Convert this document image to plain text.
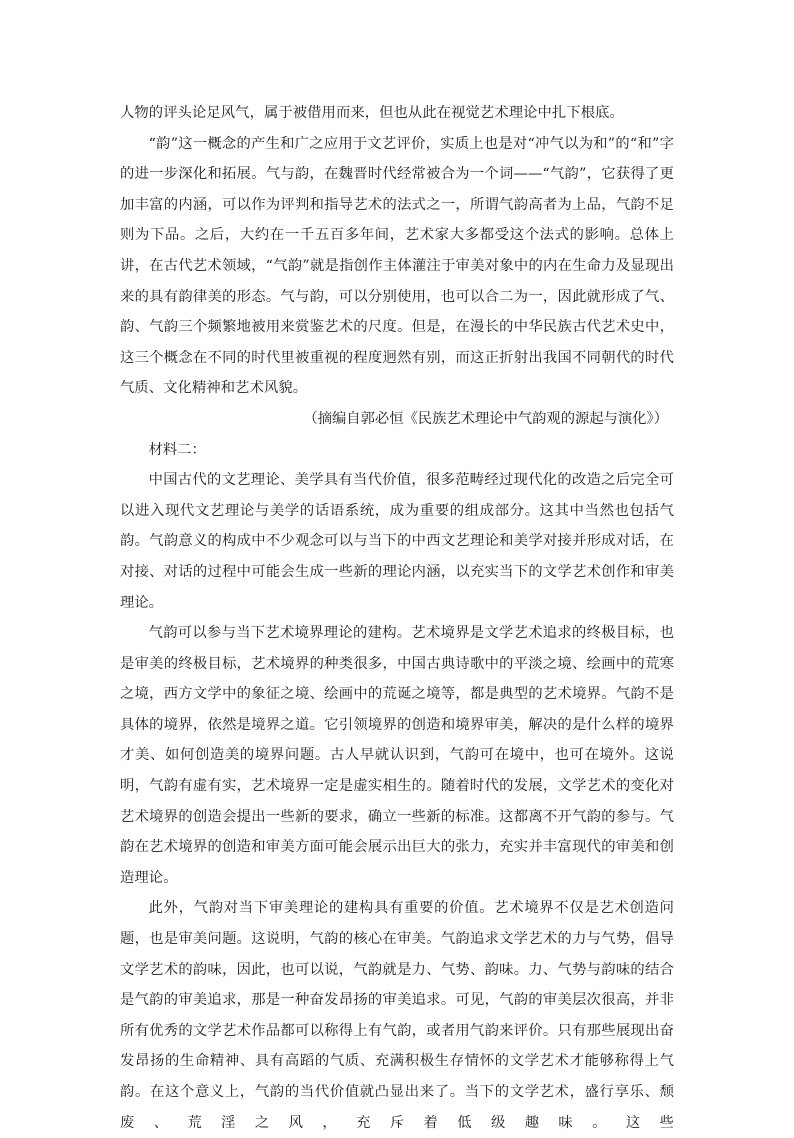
人物的评头论足风气，属于被借用而来，但也从此在视觉艺术理论中扎下根底。

“韵”这一概念的产生和广之应用于文艺评价，实质上也是对“冲气以为和”的“和”字的进一步深化和拓展。气与韵，在魏晋时代经常被合为一个词——“气韵”，它获得了更加丰富的内涵，可以作为评判和指导艺术的法式之一，所谓气韵高者为上品，气韵不足则为下品。之后，大约在一千五百多年间，艺术家大多都受这个法式的影响。总体上讲，在古代艺术领域，“气韵”就是指创作主体灌注于审美对象中的内在生命力及显现出来的具有韵律美的形态。气与韵，可以分别使用，也可以合二为一，因此就形成了气、韵、气韵三个频繁地被用来赏鉴艺术的尺度。但是，在漫长的中华民族古代艺术史中，这三个概念在不同的时代里被重视的程度迥然有别，而这正折射出我国不同朝代的时代气质、文化精神和艺术风貌。

（摘编自郭必恒《民族艺术理论中气韵观的源起与演化》）

材料二：

中国古代的文艺理论、美学具有当代价值，很多范畴经过现代化的改造之后完全可以进入现代文艺理论与美学的话语系统，成为重要的组成部分。这其中当然也包括气韵。气韵意义的构成中不少观念可以与当下的中西文艺理论和美学对接并形成对话，在对接、对话的过程中可能会生成一些新的理论内涵，以充实当下的文学艺术创作和审美理论。

气韵可以参与当下艺术境界理论的建构。艺术境界是文学艺术追求的终极目标，也是审美的终极目标，艺术境界的种类很多，中国古典诗歌中的平淡之境、绘画中的荒寒之境，西方文学中的象征之境、绘画中的荒诞之境等，都是典型的艺术境界。气韵不是具体的境界，依然是境界之道。它引领境界的创造和境界审美，解决的是什么样的境界才美、如何创造美的境界问题。古人早就认识到，气韵可在境中，也可在境外。这说明，气韵有虚有实，艺术境界一定是虚实相生的。随着时代的发展，文学艺术的变化对艺术境界的创造会提出一些新的要求，确立一些新的标准。这都离不开气韵的参与。气韵在艺术境界的创造和审美方面可能会展示出巨大的张力，充实并丰富现代的审美和创造理论。

此外，气韵对当下审美理论的建构具有重要的价值。艺术境界不仅是艺术创造问题，也是审美问题。这说明，气韵的核心在审美。气韵追求文学艺术的力与气势，倡导文学艺术的韵味，因此，也可以说，气韵就是力、气势、韵味。力、气势与韵味的结合是气韵的审美追求，那是一种奋发昂扬的审美追求。可见，气韵的审美层次很高，并非所有优秀的文学艺术作品都可以称得上有气韵，或者用气韵来评价。只有那些展现出奋发昂扬的生命精神、具有高蹈的气质、充满积极生存情怀的文学艺术才能够称得上气韵。在这个意义上，气韵的当代价值就凸显出来了。当下的文学艺术，盛行享乐、颓废、荒淫之风，充斥着低级趣味。这些
